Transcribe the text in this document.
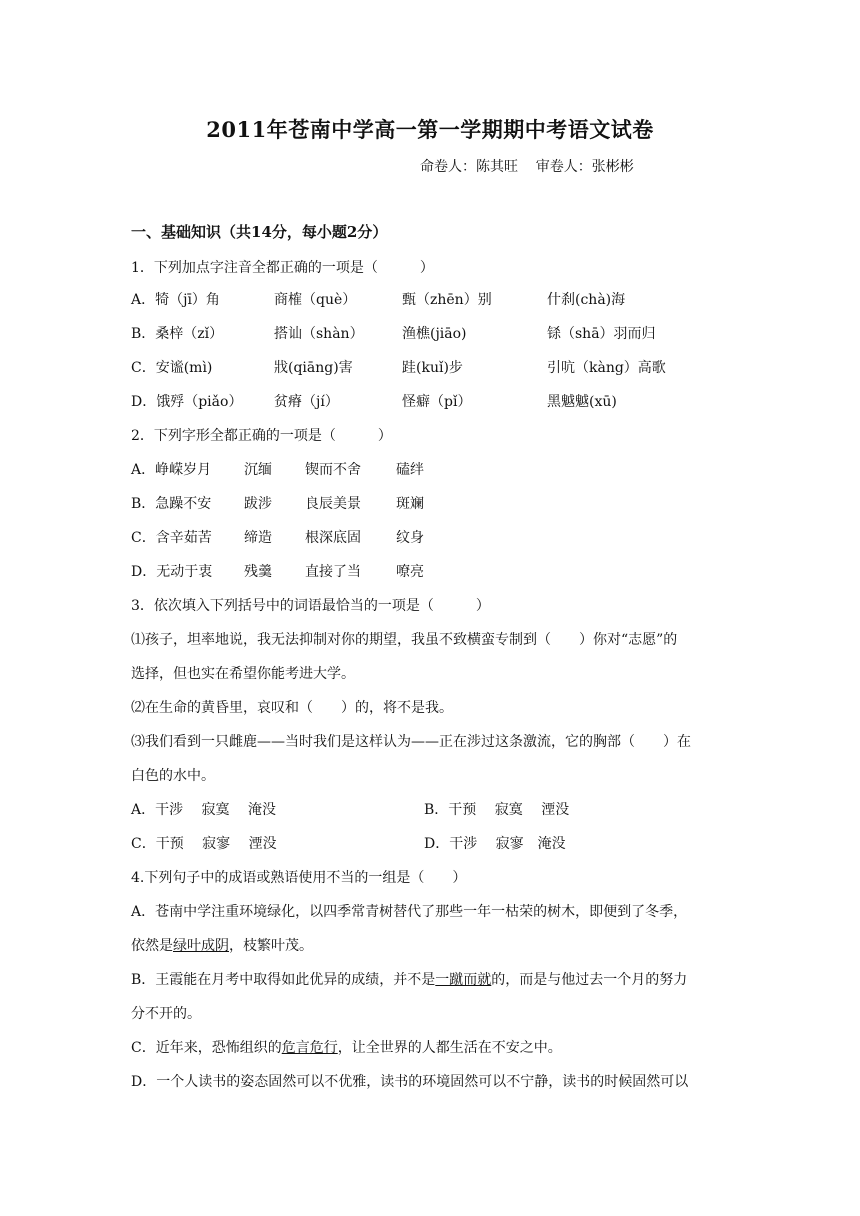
2011年苍南中学高一第一学期期中考语文试卷
命卷人：陈其旺    审卷人：张彬彬
一、基础知识（共14分，每小题2分）
1．下列加点字注音全都正确的一项是（　　　）
A．犄（jī）角	商榷（què）	甄（zhēn）别	什刹(chà)海
B．桑梓（zǐ）	搭讪（shàn）	渔樵(jiāo)	铩（shā）羽而归
C．安谧(mì)	戕(qiāng)害	跬(kuǐ)步	引吭（kàng）高歌
D．饿殍（piǎo） 贫瘠（jí）	怪癖（pǐ）	黑魆魆(xū)
2．下列字形全都正确的一项是（　　　）
A．峥嵘岁月 沉缅 锲而不舍	磕绊
B．急躁不安 跋涉 良辰美景	斑斓
C．含辛茹苦 缔造 根深底固	纹身
D．无动于衷 残羹 直接了当	嘹亮
3．依次填入下列括号中的词语最恰当的一项是（　　　）
⑴孩子，坦率地说，我无法抑制对你的期望，我虽不致横蛮专制到（　　）你对“志愿”的
选择，但也实在希望你能考进大学。
⑵在生命的黄昏里，哀叹和（　　）的，将不是我。
⑶我们看到一只雌鹿——当时我们是这样认为——正在涉过这条激流，它的胸部（　　）在
白色的水中。
A．干涉　 寂寞　 淹没	B．干预　 寂寞　 湮没
C．干预　 寂寥　 湮没	D．干涉　 寂寥　淹没
4.下列句子中的成语或熟语使用不当的一组是（　　）
A．苍南中学注重环境绿化，以四季常青树替代了那些一年一枯荣的树木，即便到了冬季，
依然是绿叶成阴，枝繁叶茂。
B．王霞能在月考中取得如此优异的成绩，并不是一蹴而就的，而是与他过去一个月的努力
分不开的。
C．近年来，恐怖组织的危言危行，让全世界的人都生活在不安之中。
D．一个人读书的姿态固然可以不优雅，读书的环境固然可以不宁静，读书的时候固然可以
